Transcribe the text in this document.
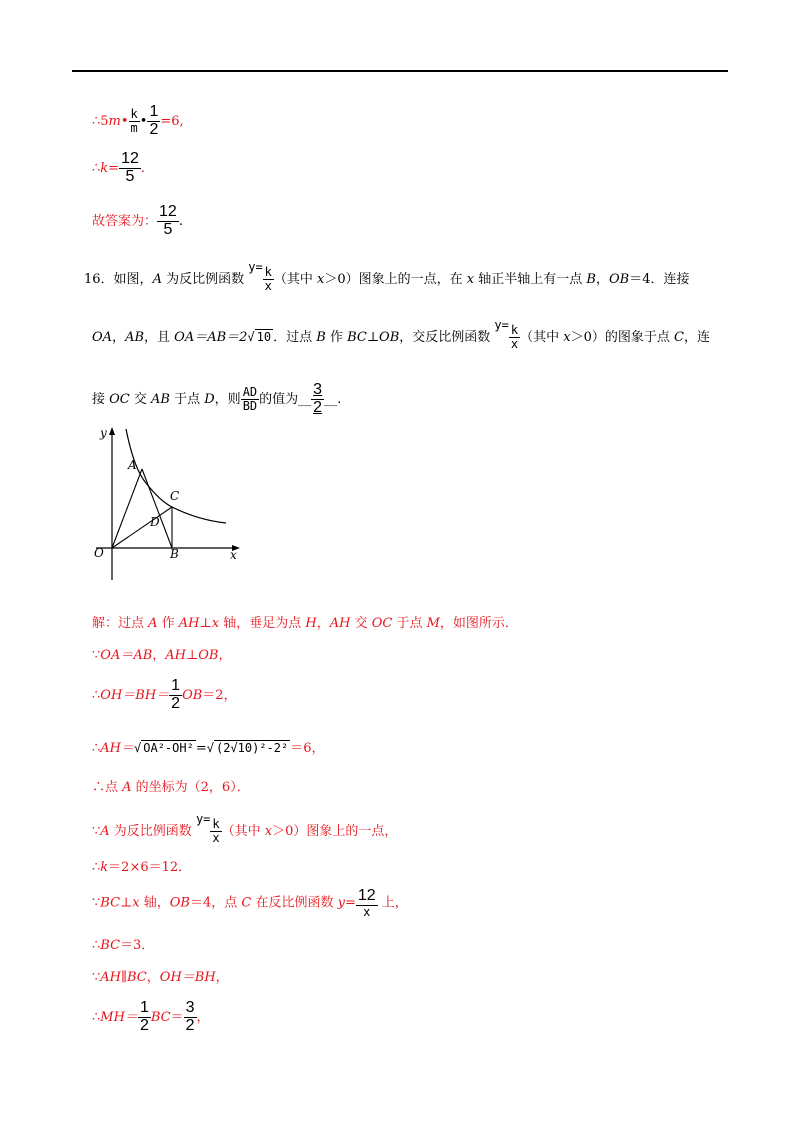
∴5m• $\frac{k}{m}$ • $\frac{1}{2} =6$,
∴k= $\frac{12}{5}$ .
故答案为： $\frac{12}{5}$ .
16．如图，A 为反比例函数 $y= \frac{k}{x}$ （其中 x＞0）图象上的一点，在 x 轴正半轴上有一点 B，OB＝4．连接
OA，AB，且 OA＝AB＝2√ 10 ．过点 B 作 BC⊥OB，交反比例函数 $y= \frac{k}{x}$ （其中 x＞0）的图象于点 C，连
接 OC 交 AB 于点 D，则 $\frac{AD}{BD}$ 的值为__ $\frac{3}{2}$ __.
y
x
O
A
B
C
D
解：过点 A 作 AH⊥x 轴，垂足为点 H，AH 交 OC 于点 M，如图所示．
∵OA＝AB，AH⊥OB，
∴OH＝BH＝ $\frac{1}{2} OB=2$，
∴AH＝√ OA²-OH² =√ (2√10)²-2² ＝6，
∴点 A 的坐标为（2，6）．
∵A 为反比例函数 $y= \frac{k}{x}$ （其中 x＞0）图象上的一点，
∴k＝2×6＝12．
∵BC⊥x 轴，OB＝4，点 C 在反比例函数 $y= \frac{12}{x}$ 上，
∴BC＝3．
∵AH∥BC，OH＝BH，
∴MH＝ $\frac{1}{2} BC= \frac{3}{2}$ ，
